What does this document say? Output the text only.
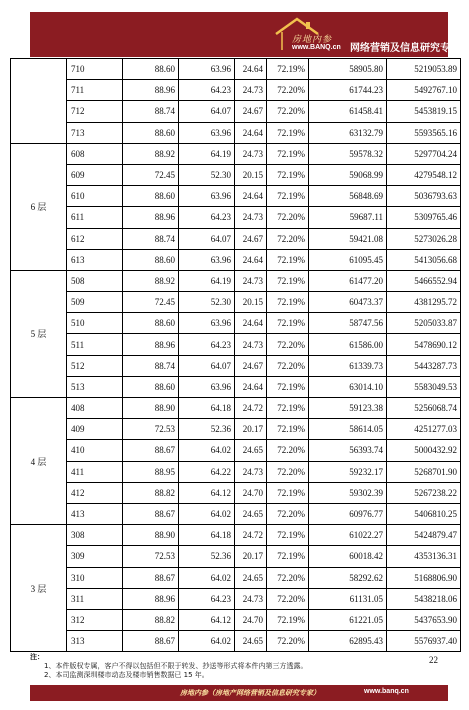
房地内参
www.BANQ.cn 网络营销及信息研究专家
	710	88.60	63.96	24.64	72.19%	58905.80	5219053.89
	711	88.96	64.23	24.73	72.20%	61744.23	5492767.10
	712	88.74	64.07	24.67	72.20%	61458.41	5453819.15
	713	88.60	63.96	24.64	72.19%	63132.79	5593565.16
6 层	608	88.92	64.19	24.73	72.19%	59578.32	5297704.24
	609	72.45	52.30	20.15	72.19%	59068.99	4279548.12
	610	88.60	63.96	24.64	72.19%	56848.69	5036793.63
	611	88.96	64.23	24.73	72.20%	59687.11	5309765.46
	612	88.74	64.07	24.67	72.20%	59421.08	5273026.28
	613	88.60	63.96	24.64	72.19%	61095.45	5413056.68
5 层	508	88.92	64.19	24.73	72.19%	61477.20	5466552.94
	509	72.45	52.30	20.15	72.19%	60473.37	4381295.72
	510	88.60	63.96	24.64	72.19%	58747.56	5205033.87
	511	88.96	64.23	24.73	72.20%	61586.00	5478690.12
	512	88.74	64.07	24.67	72.20%	61339.73	5443287.73
	513	88.60	63.96	24.64	72.19%	63014.10	5583049.53
4 层	408	88.90	64.18	24.72	72.19%	59123.38	5256068.74
	409	72.53	52.36	20.17	72.19%	58614.05	4251277.03
	410	88.67	64.02	24.65	72.20%	56393.74	5000432.92
	411	88.95	64.22	24.73	72.20%	59232.17	5268701.90
	412	88.82	64.12	24.70	72.19%	59302.39	5267238.22
	413	88.67	64.02	24.65	72.20%	60976.77	5406810.25
3 层	308	88.90	64.18	24.72	72.19%	61022.27	5424879.47
	309	72.53	52.36	20.17	72.19%	60018.42	4353136.31
	310	88.67	64.02	24.65	72.20%	58292.62	5168806.90
	311	88.96	64.23	24.73	72.20%	61131.05	5438218.06
	312	88.82	64.12	24.70	72.19%	61221.05	5437653.90
	313	88.67	64.02	24.65	72.20%	62895.43	5576937.40
注：
1、本件版权专属，客户不得以包括但不限于转发、抄送等形式将本件内第三方透露。
2、本司监测深圳楼市动态及楼市销售数据已 15 年。
22
房地内参（房地产网络营销及信息研究专家）	www.banq.cn
